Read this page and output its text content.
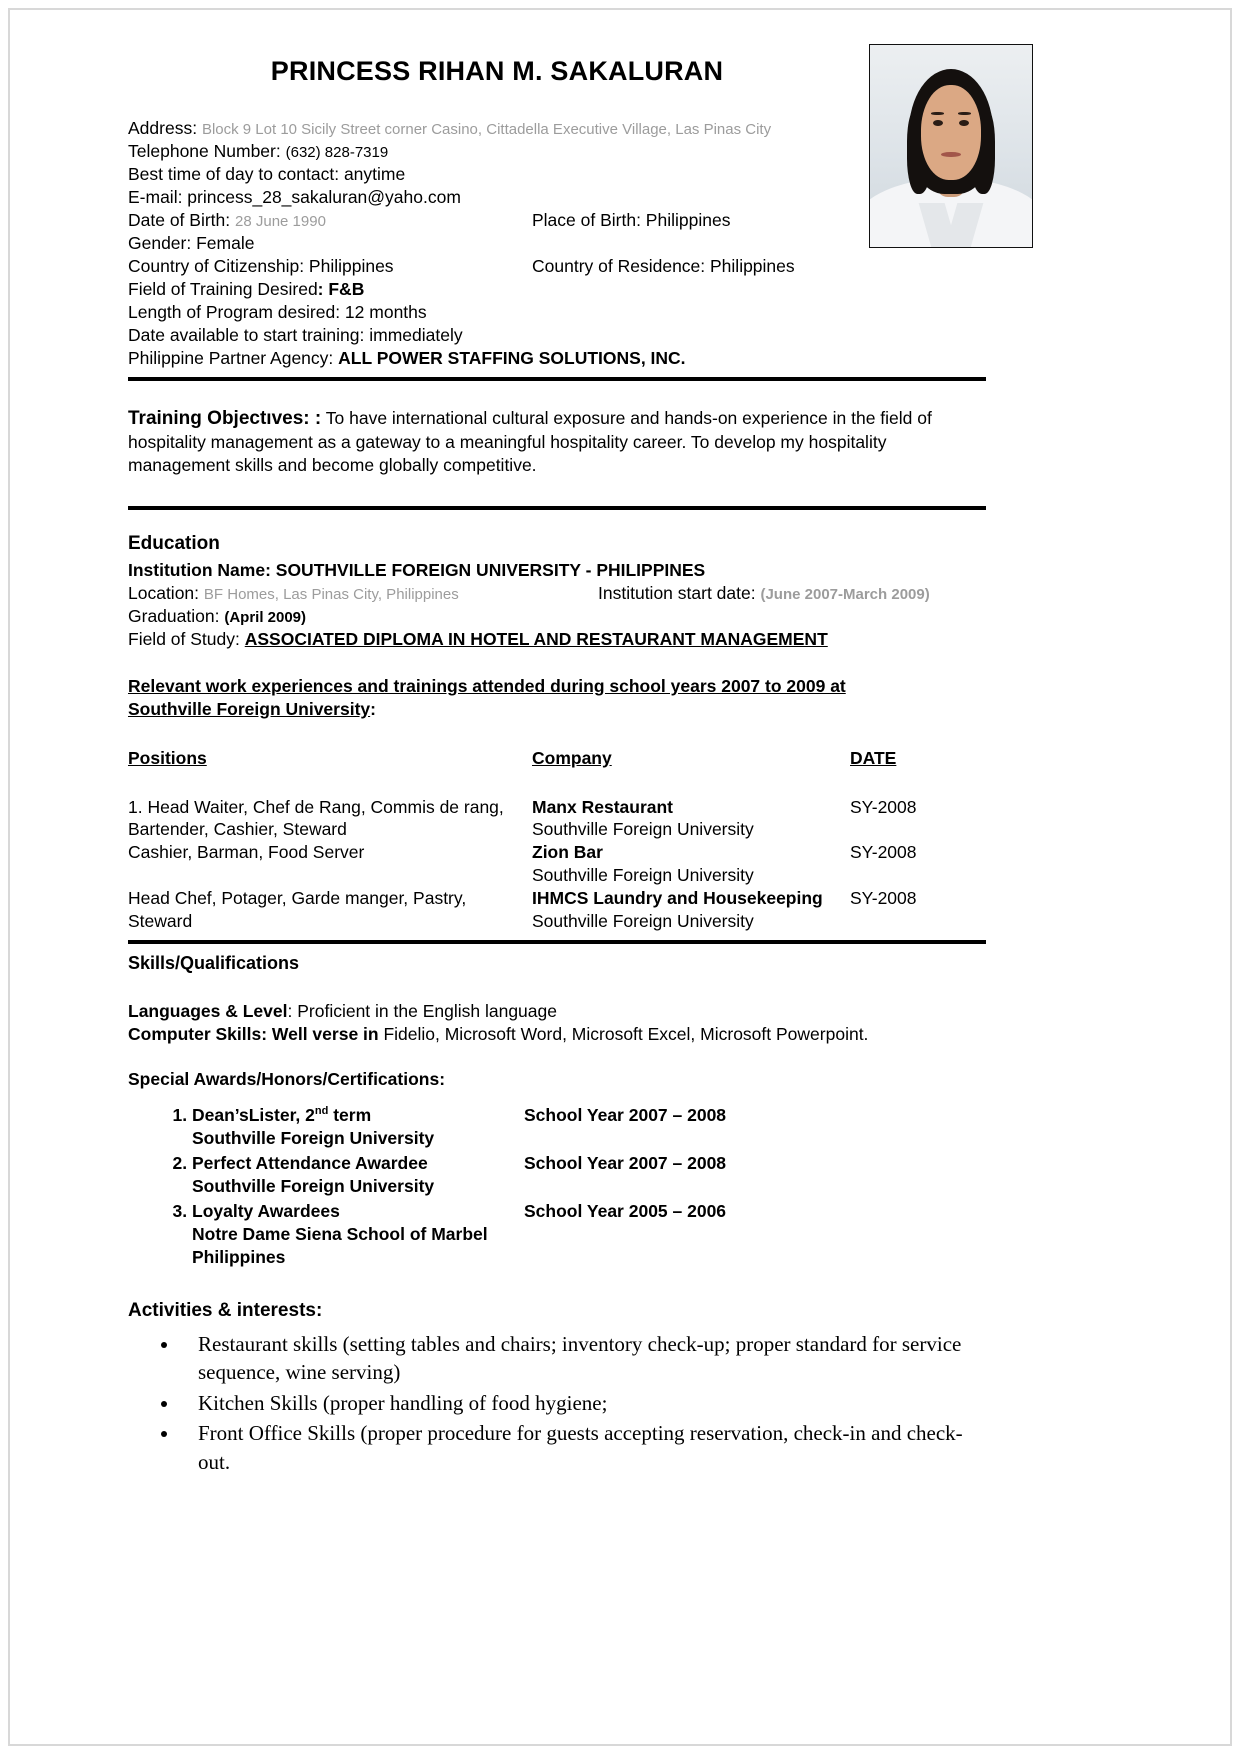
PRINCESS RIHAN M. SAKALURAN
Address: Block 9 Lot 10 Sicily Street corner Casino, Cittadella Executive Village, Las Pinas City
Telephone Number: (632) 828-7319
Best time of day to contact: anytime
E-mail: princess_28_sakaluran@yaho.com
Date of Birth: 28 June 1990	Place of Birth: Philippines
Gender: Female
Country of Citizenship: Philippines	Country of Residence: Philippines
Field of Training Desired: F&B
Length of Program desired: 12 months
Date available to start training: immediately
Philippine Partner Agency: ALL POWER STAFFING SOLUTIONS, INC.
Training Objectıves: : To have international cultural exposure and hands-on experience in the field of hospitality management as a gateway to a meaningful hospitality career. To develop my hospitality management skills and become globally competitive.
Education
Institution Name: SOUTHVILLE FOREIGN UNIVERSITY - PHILIPPINES
Location: BF Homes, Las Pinas City, Philippines	Institution start date: (June 2007-March 2009)
Graduation: (April 2009)
Field of Study: ASSOCIATED DIPLOMA IN HOTEL AND RESTAURANT MANAGEMENT
Relevant work experiences and trainings attended during school years 2007 to 2009 at
Southville Foreign University:
Positions	Company	DATE

1. Head Waiter, Chef de Rang, Commis de rang, Bartender, Cashier, Steward	Manx Restaurant
Southville Foreign University	SY-2008
Cashier, Barman, Food Server	Zion Bar
Southville Foreign University	SY-2008
Head Chef, Potager, Garde manger, Pastry, Steward	IHMCS Laundry and Housekeeping
Southville Foreign University	SY-2008
Skills/Qualifications
Languages & Level: Proficient in the English language
Computer Skills: Well verse in Fidelio, Microsoft Word, Microsoft Excel, Microsoft Powerpoint.
Special Awards/Honors/Certifications:
1. Dean’sLister, 2nd term	School Year 2007 – 2008
Southville Foreign University
2. Perfect Attendance Awardee	School Year 2007 – 2008
Southville Foreign University
3. Loyalty Awardees	School Year 2005 – 2006
Notre Dame Siena School of Marbel
Philippines
Activities & interests:
• Restaurant skills (setting tables and chairs; inventory check-up; proper standard for service sequence, wine serving)
• Kitchen Skills (proper handling of food hygiene;
• Front Office Skills (proper procedure for guests accepting reservation, check-in and check-out.
